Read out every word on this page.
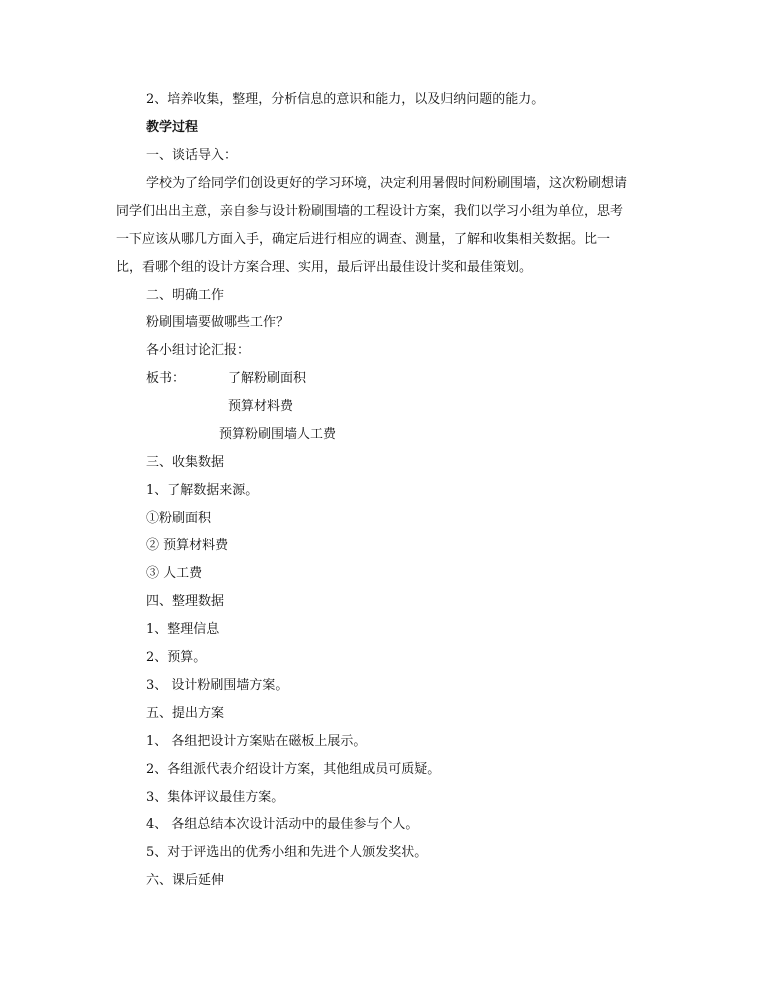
2、培养收集，整理，分析信息的意识和能力，以及归纳问题的能力。
教学过程
一、谈话导入：
学校为了给同学们创设更好的学习环境，决定利用暑假时间粉刷围墙，这次粉刷想请
同学们出出主意，亲自参与设计粉刷围墙的工程设计方案，我们以学习小组为单位，思考
一下应该从哪几方面入手，确定后进行相应的调查、测量，了解和收集相关数据。比一
比，看哪个组的设计方案合理、实用，最后评出最佳设计奖和最佳策划。
二、明确工作
粉刷围墙要做哪些工作？
各小组讨论汇报：
板书：	了解粉刷面积
预算材料费
预算粉刷围墙人工费
三、收集数据
1、了解数据来源。
①粉刷面积
② 预算材料费
③ 人工费
四、整理数据
1、整理信息
2、预算。
3、 设计粉刷围墙方案。
五、提出方案
1、 各组把设计方案贴在磁板上展示。
2、各组派代表介绍设计方案，其他组成员可质疑。
3、集体评议最佳方案。
4、 各组总结本次设计活动中的最佳参与个人。
5、对于评选出的优秀小组和先进个人颁发奖状。
六、课后延伸
